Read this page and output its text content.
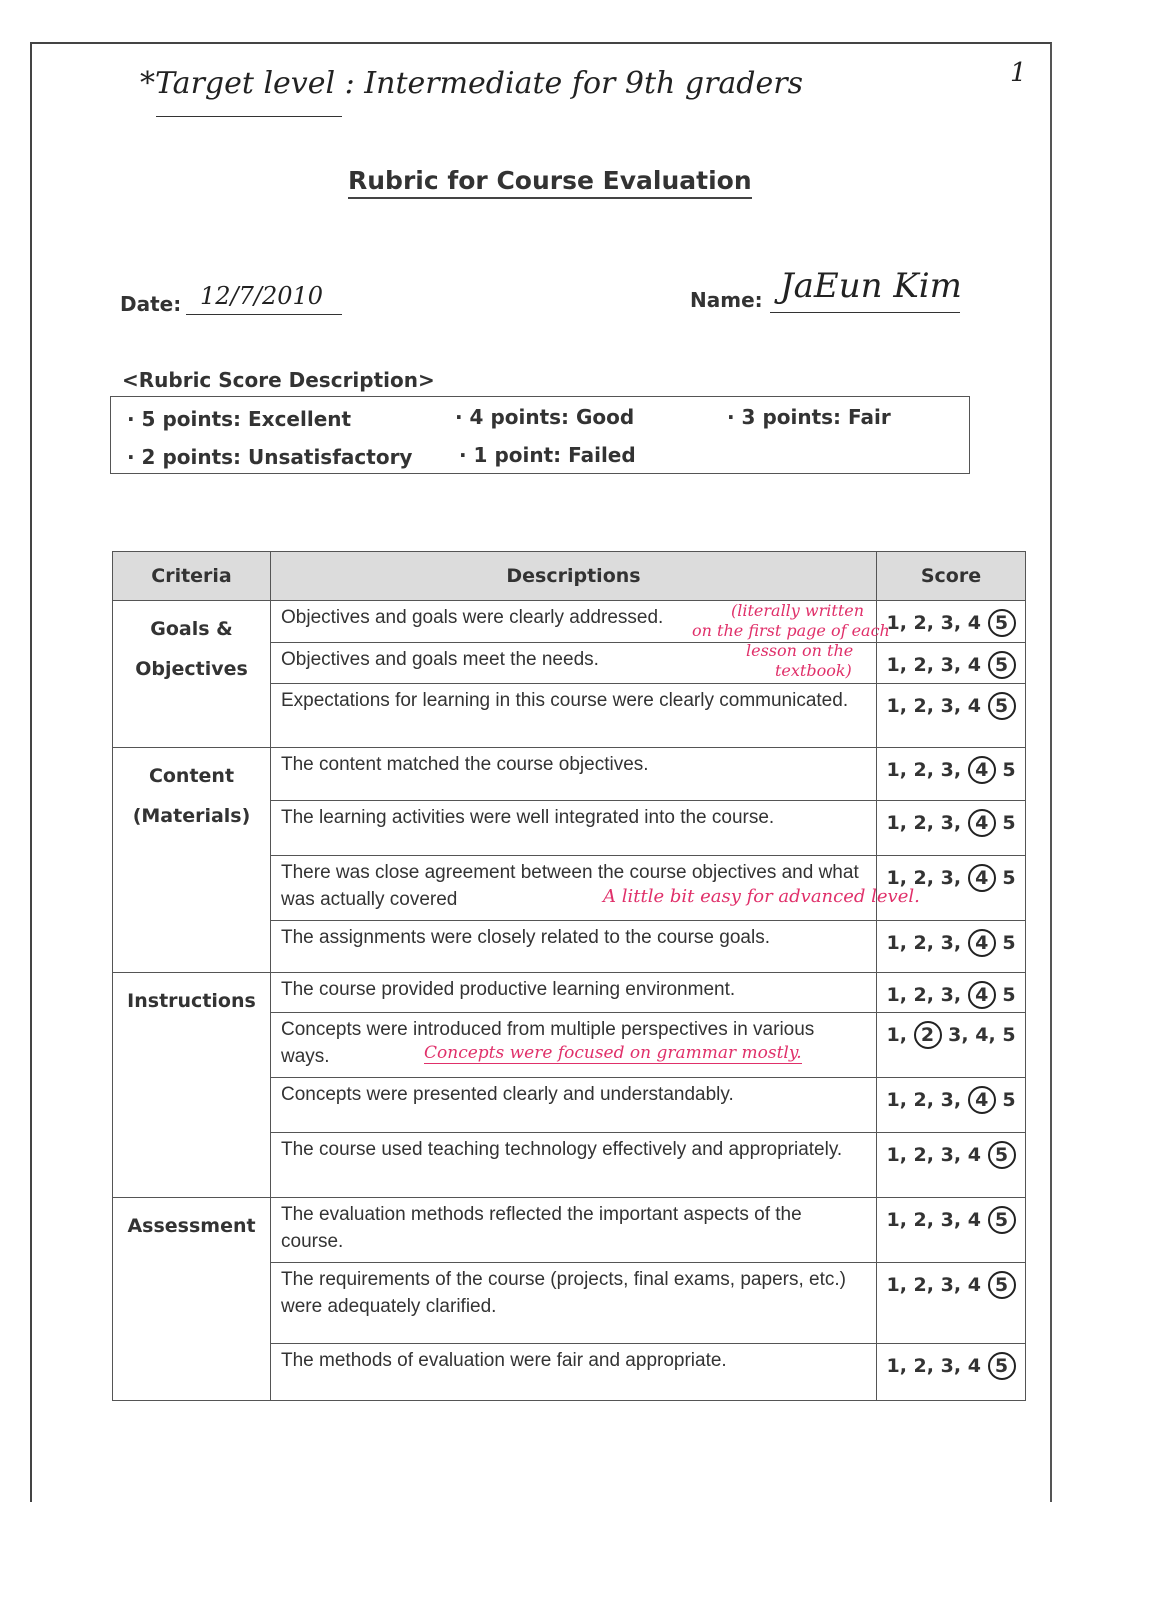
*Target level : Intermediate for 9th graders	1
Rubric for Course Evaluation
Date: 12/7/2010	Name: JaEun Kim
<Rubric Score Description>
· 5 points: Excellent	· 4 points: Good	· 3 points: Fair
· 2 points: Unsatisfactory · 1 point: Failed
Criteria	Descriptions	Score
Goals & Objectives	Objectives and goals were clearly addressed.	1, 2, 3, 4 5
	Objectives and goals meet the needs.	1, 2, 3, 4 5
	Expectations for learning in this course were clearly communicated.	1, 2, 3, 4 5
Content (Materials)	The content matched the course objectives.	1, 2, 3, 4 5
	The learning activities were well integrated into the course.	1, 2, 3, 4 5
	There was close agreement between the course objectives and what was actually covered	1, 2, 3, 4 5
	The assignments were closely related to the course goals.	1, 2, 3, 4 5
Instructions	The course provided productive learning environment.	1, 2, 3, 4 5
	Concepts were introduced from multiple perspectives in various ways.	1, 2 3, 4, 5
	Concepts were presented clearly and understandably.	1, 2, 3, 4 5
	The course used teaching technology effectively and appropriately.	1, 2, 3, 4 5
Assessment	The evaluation methods reflected the important aspects of the course.	1, 2, 3, 4 5
	The requirements of the course (projects, final exams, papers, etc.) were adequately clarified.	1, 2, 3, 4 5
	The methods of evaluation were fair and appropriate.	1, 2, 3, 4 5
(literally written
on the first page of each
lesson on the
textbook)
A little bit easy for advanced level.
Concepts were focused on grammar mostly.
